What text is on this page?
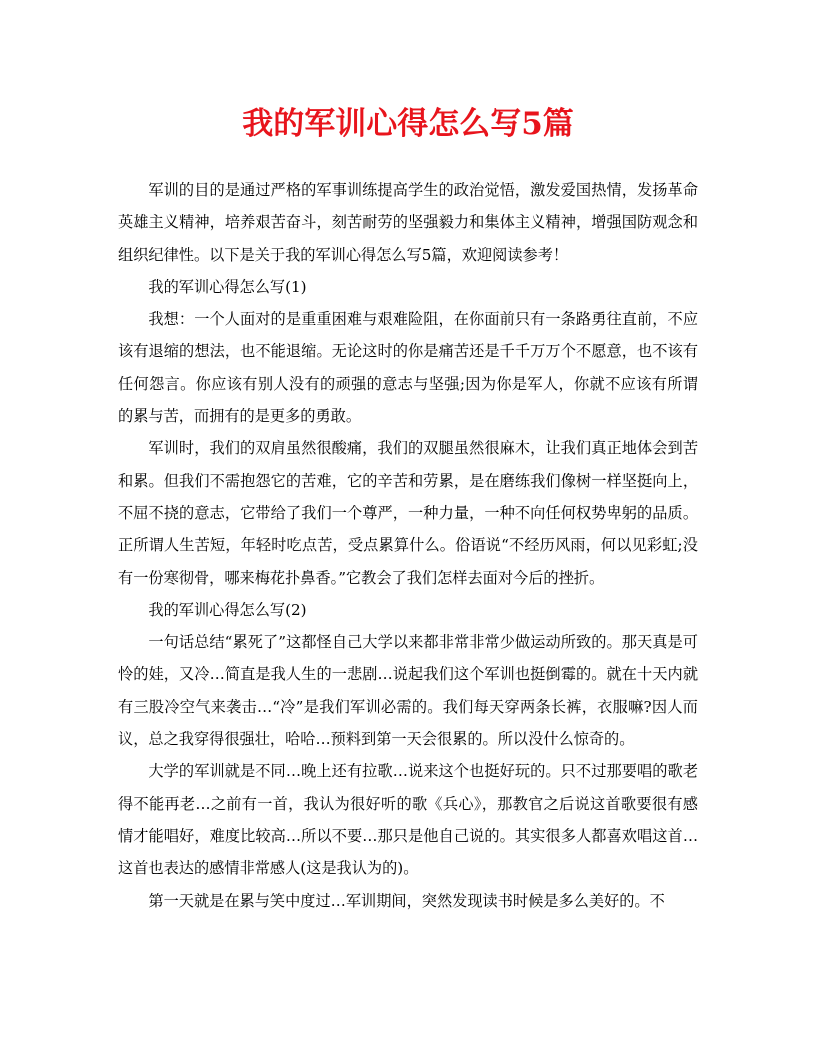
我的军训心得怎么写5篇

军训的目的是通过严格的军事训练提高学生的政治觉悟，激发爱国热情，发扬革命英雄主义精神，培养艰苦奋斗，刻苦耐劳的坚强毅力和集体主义精神，增强国防观念和组织纪律性。以下是关于我的军训心得怎么写5篇，欢迎阅读参考！

我的军训心得怎么写(1)

我想：一个人面对的是重重困难与艰难险阻，在你面前只有一条路勇往直前，不应该有退缩的想法，也不能退缩。无论这时的你是痛苦还是千千万万个不愿意，也不该有任何怨言。你应该有别人没有的顽强的意志与坚强;因为你是军人，你就不应该有所谓的累与苦，而拥有的是更多的勇敢。

军训时，我们的双肩虽然很酸痛，我们的双腿虽然很麻木，让我们真正地体会到苦和累。但我们不需抱怨它的苦难，它的辛苦和劳累，是在磨练我们像树一样坚挺向上，不屈不挠的意志，它带给了我们一个尊严，一种力量，一种不向任何权势卑躬的品质。正所谓人生苦短，年轻时吃点苦，受点累算什么。俗语说“不经历风雨，何以见彩虹;没有一份寒彻骨，哪来梅花扑鼻香。”它教会了我们怎样去面对今后的挫折。

我的军训心得怎么写(2)

一句话总结“累死了”这都怪自己大学以来都非常非常少做运动所致的。那天真是可怜的娃，又冷…简直是我人生的一悲剧…说起我们这个军训也挺倒霉的。就在十天内就有三股冷空气来袭击…“冷”是我们军训必需的。我们每天穿两条长裤，衣服嘛?因人而议，总之我穿得很强壮，哈哈…预料到第一天会很累的。所以没什么惊奇的。

大学的军训就是不同…晚上还有拉歌…说来这个也挺好玩的。只不过那要唱的歌老得不能再老…之前有一首，我认为很好听的歌《兵心》，那教官之后说这首歌要很有感情才能唱好，难度比较高…所以不要…那只是他自己说的。其实很多人都喜欢唱这首…这首也表达的感情非常感人(这是我认为的)。

第一天就是在累与笑中度过…军训期间，突然发现读书时候是多么美好的。不
